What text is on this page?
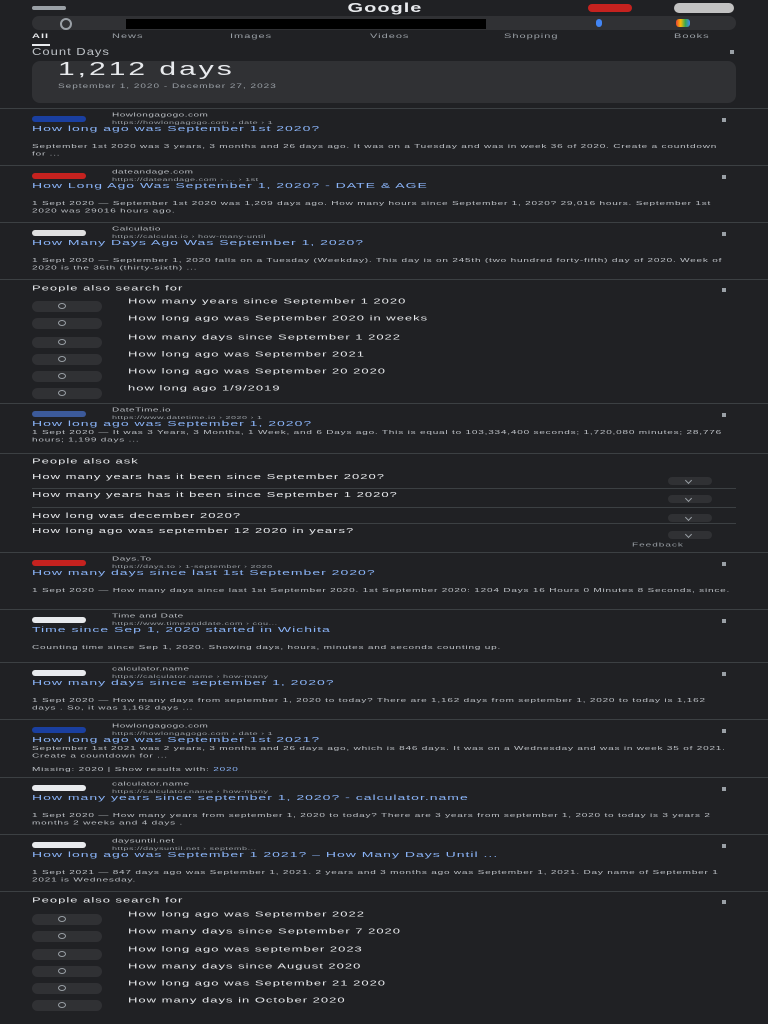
Google
All	News	Images	Videos	Shopping	Books
Count Days
1,212 days
September 1, 2020 - December 27, 2023
Howlongagogo.com
https://howlongagogo.com › date › 1
How long ago was September 1st 2020?
September 1st 2020 was 3 years, 3 months and 26 days ago. It was on a Tuesday and was in week 36 of 2020. Create a countdown for ...
dateandage.com
https://dateandage.com › ... › 1st
How Long Ago Was September 1, 2020? - DATE & AGE
1 Sept 2020 — September 1st 2020 was 1,209 days ago. How many hours since September 1, 2020? 29,016 hours. September 1st 2020 was 29016 hours ago.
Calculatio
https://calculat.io › how-many-until
How Many Days Ago Was September 1, 2020?
1 Sept 2020 — September 1, 2020 falls on a Tuesday (Weekday). This day is on 245th (two hundred forty-fifth) day of 2020. Week of 2020 is the 36th (thirty-sixth) ...
People also search for
How many years since September 1 2020
How long ago was September 2020 in weeks
How many days since September 1 2022
How long ago was September 2021
How long ago was September 20 2020
how long ago 1/9/2019
DateTime.io
https://www.datetime.io › 2020 › 1
How long ago was September 1, 2020?
1 Sept 2020 — It was 3 Years, 3 Months, 1 Week, and 6 Days ago. This is equal to 103,334,400 seconds; 1,720,080 minutes; 28,776 hours; 1,199 days ...
People also ask
How many years has it been since September 2020?
How many years has it been since September 1 2020?
How long was december 2020?
How long ago was september 12 2020 in years?
Feedback
Days.To
https://days.to › 1-september › 2020
How many days since last 1st September 2020?
1 Sept 2020 — How many days since last 1st September 2020. 1st September 2020: 1204 Days 16 Hours 0 Minutes 8 Seconds, since.
Time and Date
https://www.timeanddate.com › cou...
Time since Sep 1, 2020 started in Wichita
Counting time since Sep 1, 2020. Showing days, hours, minutes and seconds counting up.
calculator.name
https://calculator.name › how-many
How many days since september 1, 2020?
1 Sept 2020 — How many days from september 1, 2020 to today? There are 1,162 days from september 1, 2020 to today is 1,162 days . So, it was 1,162 days ...
Howlongagogo.com
https://howlongagogo.com › date › 1
How long ago was September 1st 2021?
September 1st 2021 was 2 years, 3 months and 26 days ago, which is 846 days. It was on a Wednesday and was in week 35 of 2021. Create a countdown for ...
Missing: 2020 | Show results with: 2020
calculator.name
https://calculator.name › how-many
How many years since september 1, 2020? - calculator.name
1 Sept 2020 — How many years from september 1, 2020 to today? There are 3 years from september 1, 2020 to today is 3 years 2 months 2 weeks and 4 days .
daysuntil.net
https://daysuntil.net › septemb...
How long ago was September 1 2021? – How Many Days Until ...
1 Sept 2021 — 847 days ago was September 1, 2021. 2 years and 3 months ago was September 1, 2021. Day name of September 1 2021 is Wednesday.
People also search for
How long ago was September 2022
How many days since September 7 2020
How long ago was september 2023
How many days since August 2020
How long ago was September 21 2020
How many days in October 2020
